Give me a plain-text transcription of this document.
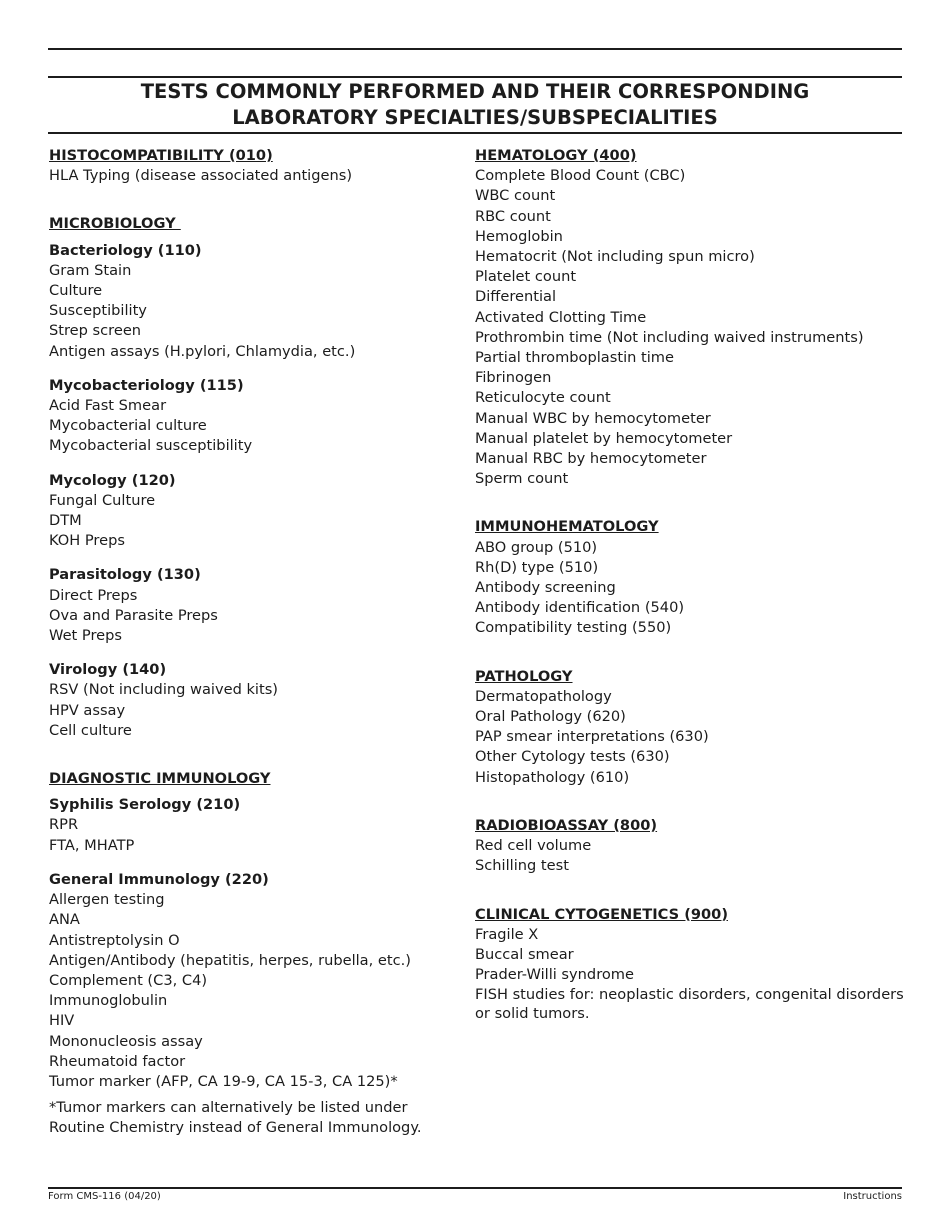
TESTS COMMONLY PERFORMED AND THEIR CORRESPONDING
LABORATORY SPECIALTIES/SUBSPECIALITIES
HISTOCOMPATIBILITY (010)
HLA Typing (disease associated antigens)
MICROBIOLOGY
Bacteriology (110)
Gram Stain
Culture
Susceptibility
Strep screen
Antigen assays (H.pylori, Chlamydia, etc.)
Mycobacteriology (115)
Acid Fast Smear
Mycobacterial culture
Mycobacterial susceptibility
Mycology (120)
Fungal Culture
DTM
KOH Preps
Parasitology (130)
Direct Preps
Ova and Parasite Preps
Wet Preps
Virology (140)
RSV (Not including waived kits)
HPV assay
Cell culture
DIAGNOSTIC IMMUNOLOGY
Syphilis Serology (210)
RPR
FTA, MHATP
General Immunology (220)
Allergen testing
ANA
Antistreptolysin O
Antigen/Antibody (hepatitis, herpes, rubella, etc.)
Complement (C3, C4)
Immunoglobulin
HIV
Mononucleosis assay
Rheumatoid factor
Tumor marker (AFP, CA 19-9, CA 15-3, CA 125)*
*Tumor markers can alternatively be listed under
Routine Chemistry instead of General Immunology.
HEMATOLOGY (400)
Complete Blood Count (CBC)
WBC count
RBC count
Hemoglobin
Hematocrit (Not including spun micro)
Platelet count
Differential
Activated Clotting Time
Prothrombin time (Not including waived instruments)
Partial thromboplastin time
Fibrinogen
Reticulocyte count
Manual WBC by hemocytometer
Manual platelet by hemocytometer
Manual RBC by hemocytometer
Sperm count
IMMUNOHEMATOLOGY
ABO group (510)
Rh(D) type (510)
Antibody screening
Antibody identification (540)
Compatibility testing (550)
PATHOLOGY
Dermatopathology
Oral Pathology (620)
PAP smear interpretations (630)
Other Cytology tests (630)
Histopathology (610)
RADIOBIOASSAY (800)
Red cell volume
Schilling test
CLINICAL CYTOGENETICS (900)
Fragile X
Buccal smear
Prader-Willi syndrome
FISH studies for: neoplastic disorders, congenital disorders or solid tumors.
Form CMS-116 (04/20)	Instructions
